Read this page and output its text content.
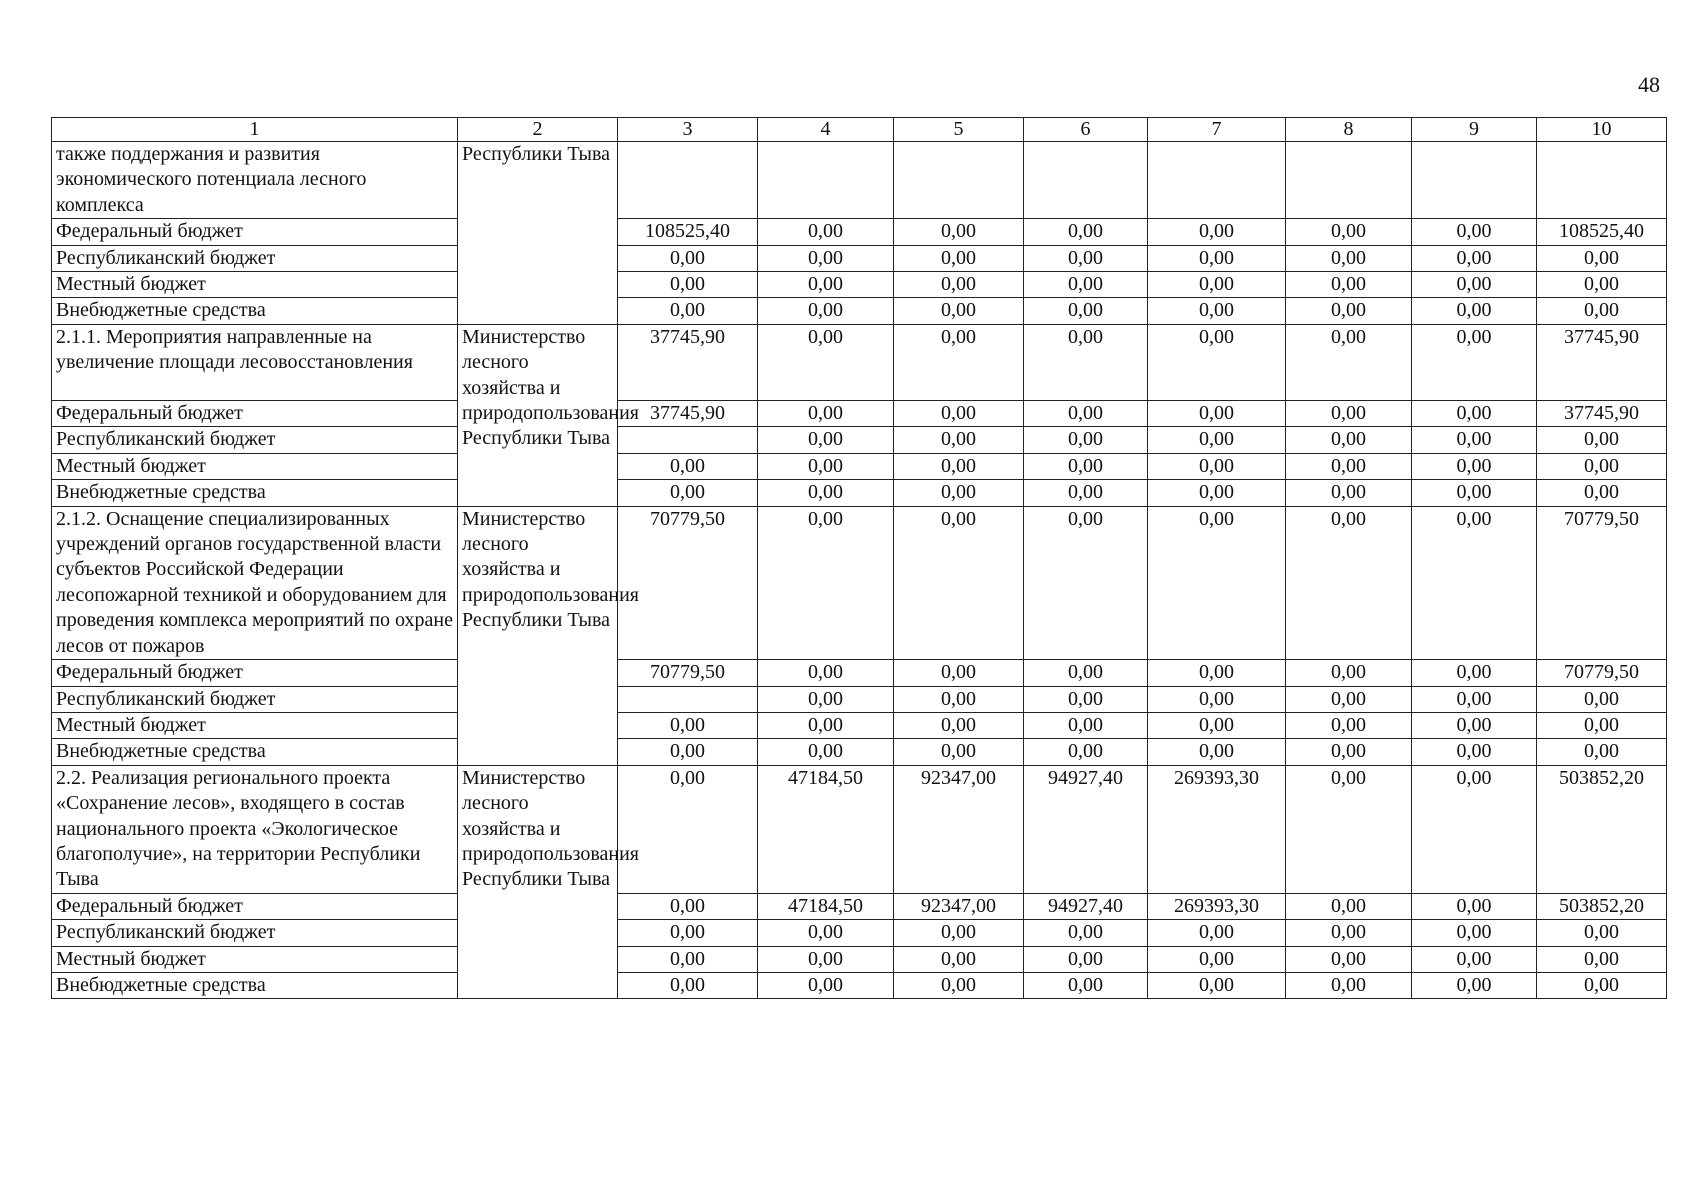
48
1	2	3	4	5	6	7	8	9	10
также поддержания и развития экономического потенциала лесного комплекса	Республики Тыва								
Федеральный бюджет		108525,40	0,00	0,00	0,00	0,00	0,00	0,00	108525,40
Республиканский бюджет		0,00	0,00	0,00	0,00	0,00	0,00	0,00	0,00
Местный бюджет		0,00	0,00	0,00	0,00	0,00	0,00	0,00	0,00
Внебюджетные средства		0,00	0,00	0,00	0,00	0,00	0,00	0,00	0,00
2.1.1. Мероприятия направленные на увеличение площади лесовосстановления	Министерство лесного хозяйства и природопользования Республики Тыва	37745,90	0,00	0,00	0,00	0,00	0,00	0,00	37745,90
Федеральный бюджет		37745,90	0,00	0,00	0,00	0,00	0,00	0,00	37745,90
Республиканский бюджет			0,00	0,00	0,00	0,00	0,00	0,00	0,00
Местный бюджет		0,00	0,00	0,00	0,00	0,00	0,00	0,00	0,00
Внебюджетные средства		0,00	0,00	0,00	0,00	0,00	0,00	0,00	0,00
2.1.2. Оснащение специализированных учреждений органов государственной власти субъектов Российской Федерации лесопожарной техникой и оборудованием для проведения комплекса мероприятий по охране лесов от пожаров	Министерство лесного хозяйства и природопользования Республики Тыва	70779,50	0,00	0,00	0,00	0,00	0,00	0,00	70779,50
Федеральный бюджет		70779,50	0,00	0,00	0,00	0,00	0,00	0,00	70779,50
Республиканский бюджет			0,00	0,00	0,00	0,00	0,00	0,00	0,00
Местный бюджет		0,00	0,00	0,00	0,00	0,00	0,00	0,00	0,00
Внебюджетные средства		0,00	0,00	0,00	0,00	0,00	0,00	0,00	0,00
2.2. Реализация регионального проекта «Сохранение лесов», входящего в состав национального проекта «Экологическое благополучие», на территории Республики Тыва	Министерство лесного хозяйства и природопользования Республики Тыва	0,00	47184,50	92347,00	94927,40	269393,30	0,00	0,00	503852,20
Федеральный бюджет		0,00	47184,50	92347,00	94927,40	269393,30	0,00	0,00	503852,20
Республиканский бюджет		0,00	0,00	0,00	0,00	0,00	0,00	0,00	0,00
Местный бюджет		0,00	0,00	0,00	0,00	0,00	0,00	0,00	0,00
Внебюджетные средства		0,00	0,00	0,00	0,00	0,00	0,00	0,00	0,00
